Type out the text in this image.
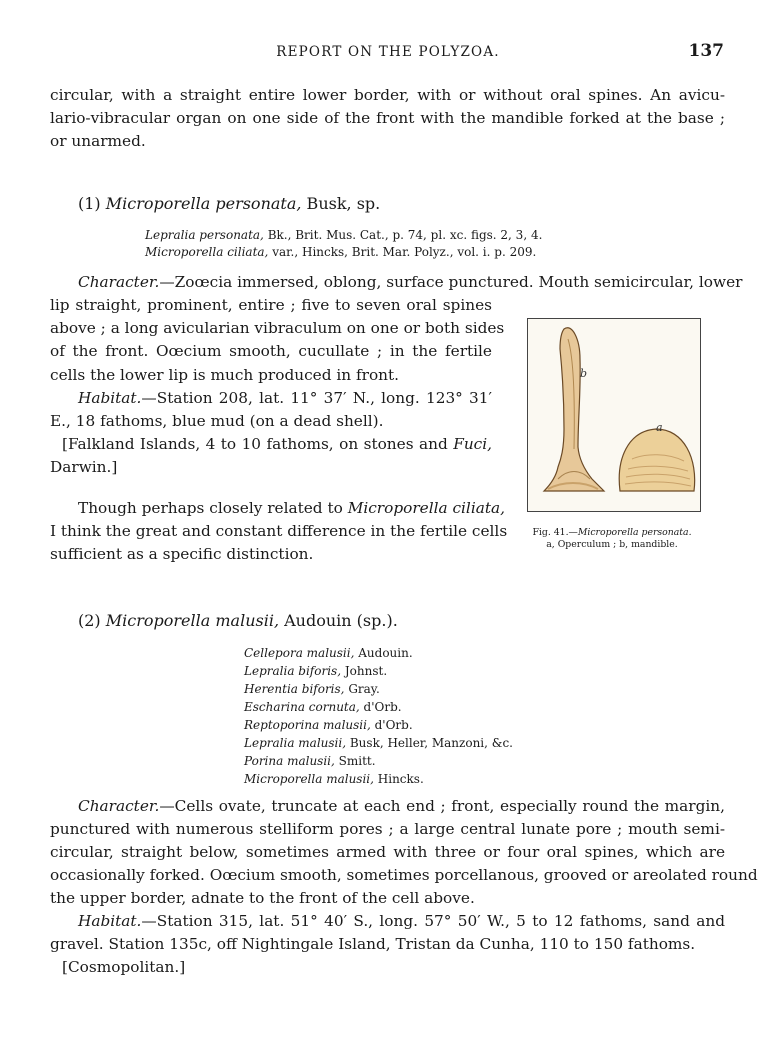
REPORT ON THE POLYZOA.	137
circular, with a straight entire lower border, with or without oral spines. An avicu-
lario-vibracular organ on one side of the front with the mandible forked at the base ;
or unarmed.
(1) Microporella personata, Busk, sp.
Lepralia personata, Bk., Brit. Mus. Cat., p. 74, pl. xc. figs. 2, 3, 4.
Microporella ciliata, var., Hincks, Brit. Mar. Polyz., vol. i. p. 209.
Character.—Zoœcia immersed, oblong, surface punctured. Mouth semicircular, lower
lip straight, prominent, entire ; five to seven oral spines
above ; a long avicularian vibraculum on one or both sides
of the front. Oœcium smooth, cucullate ; in the fertile
cells the lower lip is much produced in front.
Habitat.—Station 208, lat. 11° 37′ N., long. 123° 31′
E., 18 fathoms, blue mud (on a dead shell).
[Falkland Islands, 4 to 10 fathoms, on stones and Fuci,
Darwin.]
Though perhaps closely related to Microporella ciliata,
I think the great and constant difference in the fertile cells
sufficient as a specific distinction.
b
a
Fig. 41.—Microporella personata.
a, Operculum ; b, mandible.
(2) Microporella malusii, Audouin (sp.).
Cellepora malusii, Audouin.
Lepralia biforis, Johnst.
Herentia biforis, Gray.
Escharina cornuta, d'Orb.
Reptoporina malusii, d'Orb.
Lepralia malusii, Busk, Heller, Manzoni, &c.
Porina malusii, Smitt.
Microporella malusii, Hincks.
Character.—Cells ovate, truncate at each end ; front, especially round the margin,
punctured with numerous stelliform pores ; a large central lunate pore ; mouth semi-
circular, straight below, sometimes armed with three or four oral spines, which are
occasionally forked. Oœcium smooth, sometimes porcellanous, grooved or areolated round
the upper border, adnate to the front of the cell above.
Habitat.—Station 315, lat. 51° 40′ S., long. 57° 50′ W., 5 to 12 fathoms, sand and
gravel. Station 135c, off Nightingale Island, Tristan da Cunha, 110 to 150 fathoms.
[Cosmopolitan.]
